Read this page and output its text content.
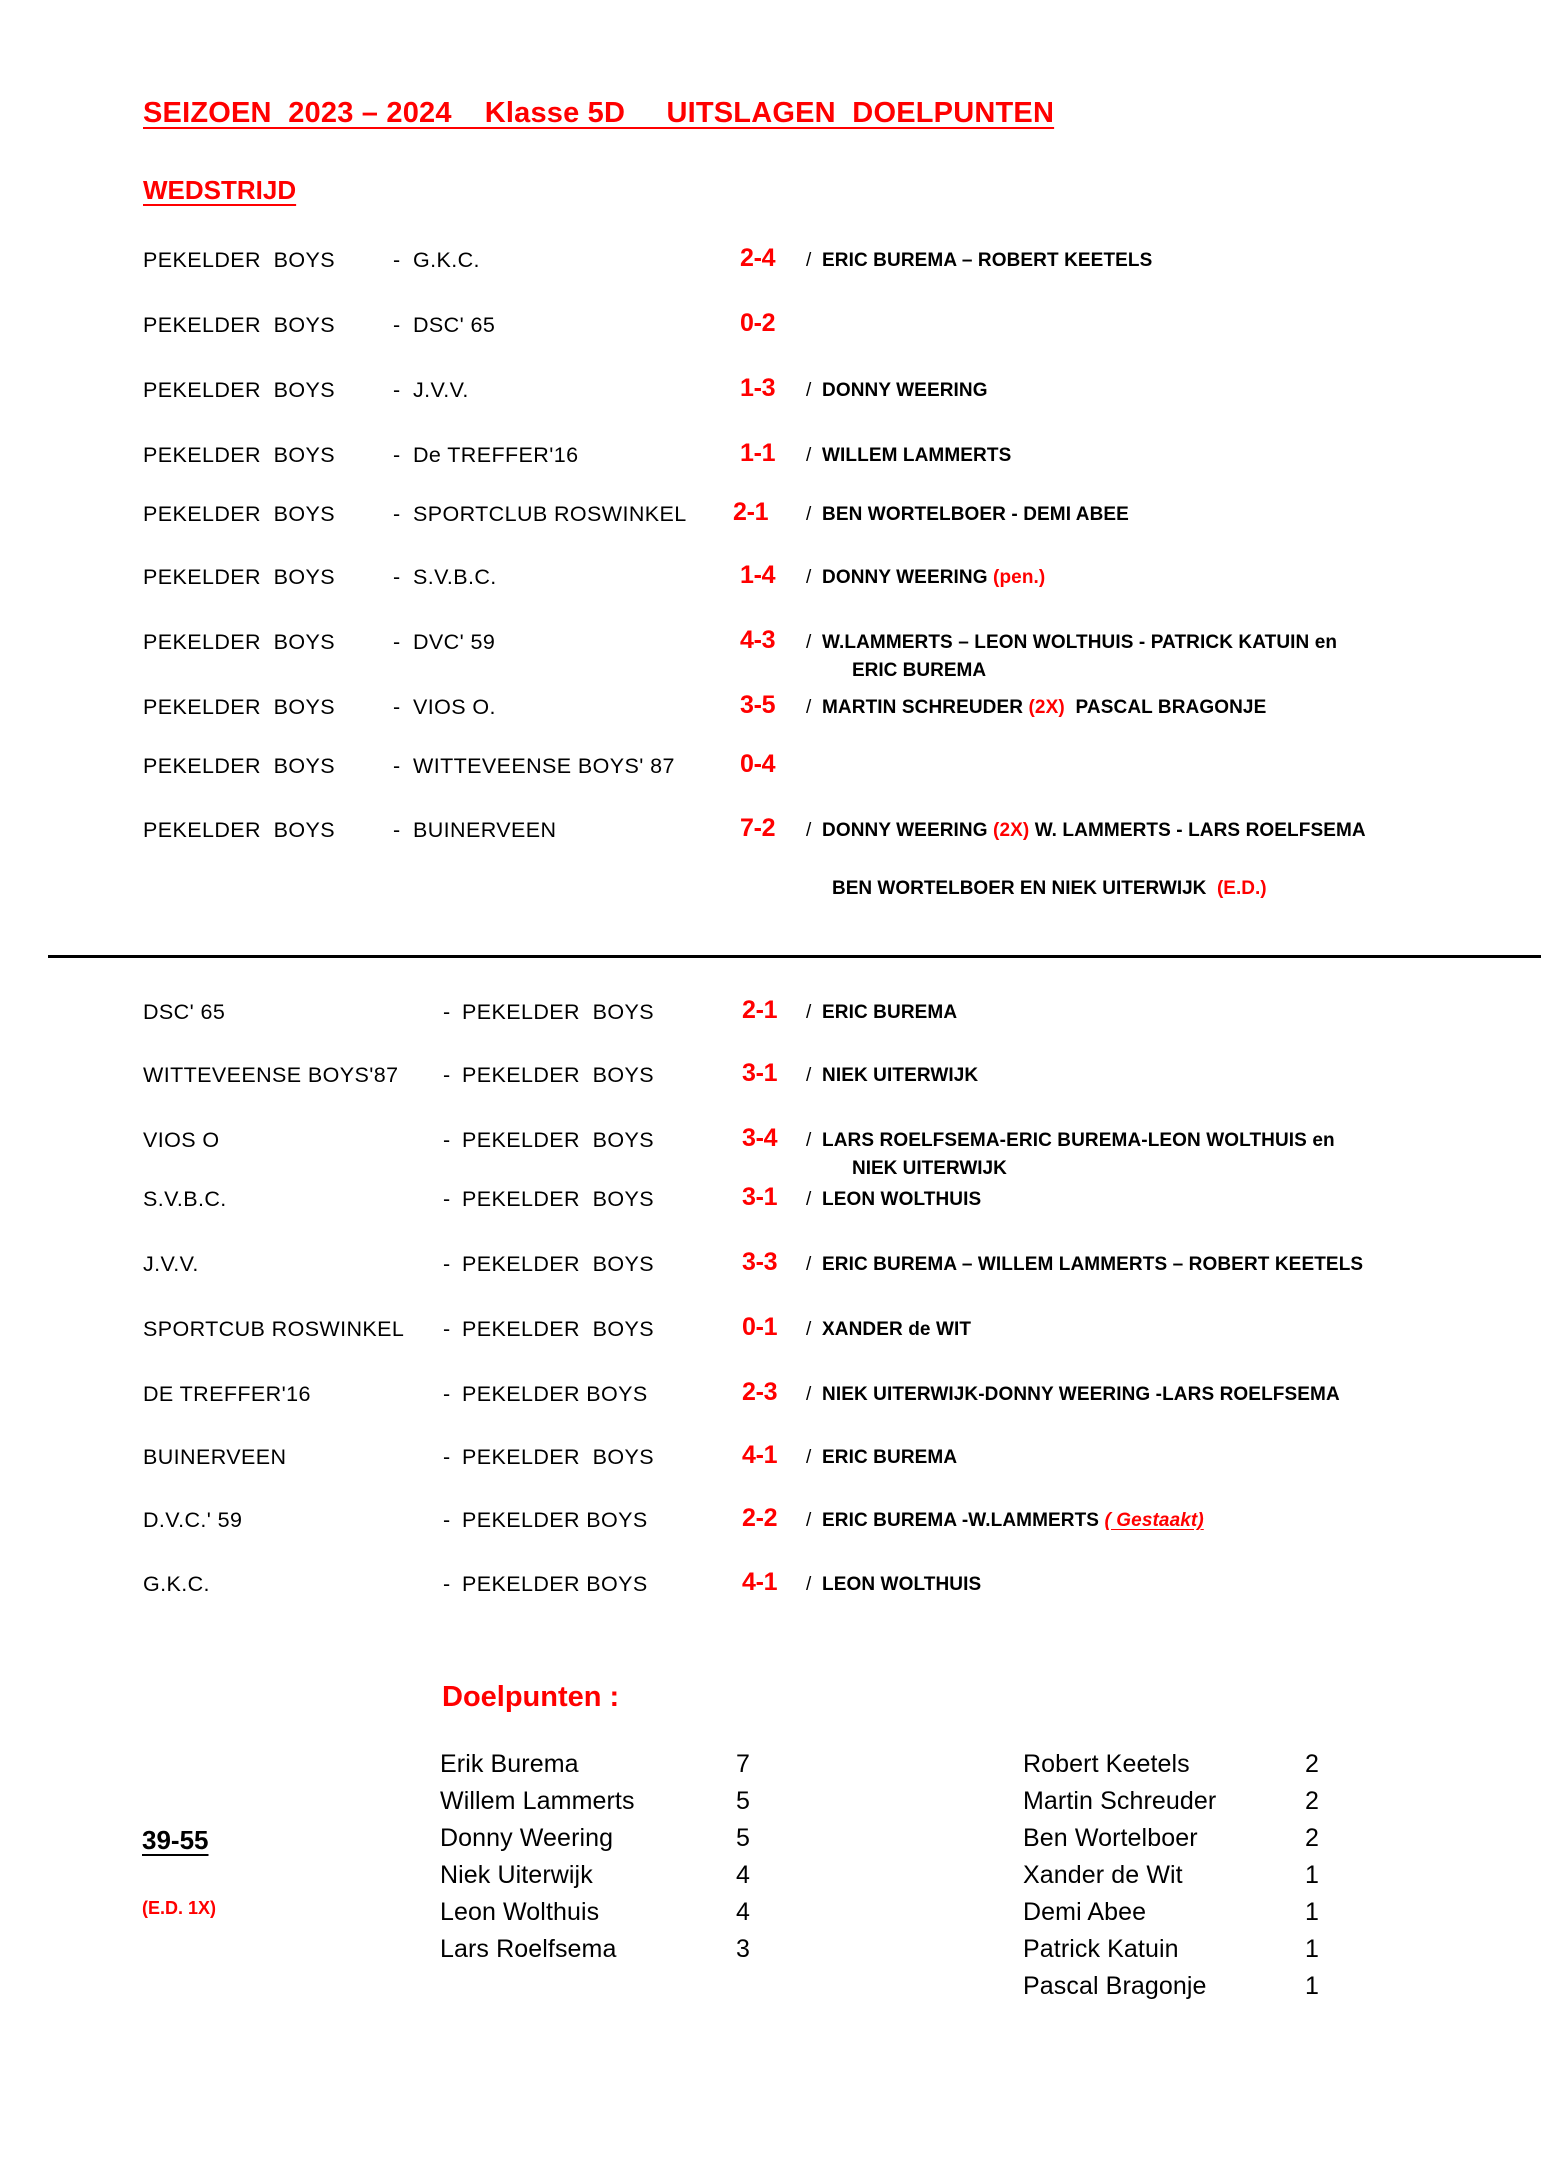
SEIZOEN  2023 – 2024    Klasse 5D     UITSLAGEN  DOELPUNTEN
WEDSTRIJD
PEKELDER  BOYS	- G.K.C.	2-4 / ERIC BUREMA – ROBERT KEETELS
PEKELDER  BOYS	- DSC' 65	0-2
PEKELDER  BOYS	- J.V.V.	1-3 / DONNY WEERING
PEKELDER  BOYS	- De TREFFER'16	1-1 / WILLEM LAMMERTS
PEKELDER  BOYS	- SPORTCLUB ROSWINKEL 2-1 / BEN WORTELBOER - DEMI ABEE
PEKELDER  BOYS	- S.V.B.C.	1-4 / DONNY WEERING (pen.)
PEKELDER  BOYS	- DVC' 59	4-3 / W.LAMMERTS – LEON WOLTHUIS - PATRICK KATUIN en
ERIC BUREMA
PEKELDER  BOYS	- VIOS O.	3-5 / MARTIN SCHREUDER (2X)  PASCAL BRAGONJE
PEKELDER  BOYS	- WITTEVEENSE BOYS' 87	0-4
PEKELDER  BOYS	- BUINERVEEN	7-2 / DONNY WEERING (2X) W. LAMMERTS - LARS ROELFSEMA
BEN WORTELBOER EN NIEK UITERWIJK  (E.D.)
DSC' 65	- PEKELDER  BOYS	2-1 / ERIC BUREMA
WITTEVEENSE BOYS'87 - PEKELDER  BOYS	3-1 / NIEK UITERWIJK
VIOS O	- PEKELDER  BOYS	3-4 / LARS ROELFSEMA-ERIC BUREMA-LEON WOLTHUIS en
NIEK UITERWIJK
S.V.B.C.	- PEKELDER  BOYS	3-1 / LEON WOLTHUIS
J.V.V.	- PEKELDER  BOYS	3-3 / ERIC BUREMA – WILLEM LAMMERTS – ROBERT KEETELS
SPORTCUB ROSWINKEL - PEKELDER  BOYS	0-1 / XANDER de WIT
DE TREFFER'16	- PEKELDER BOYS	2-3 / NIEK UITERWIJK-DONNY WEERING -LARS ROELFSEMA
BUINERVEEN	- PEKELDER  BOYS	4-1 / ERIC BUREMA
D.V.C.' 59	- PEKELDER BOYS	2-2 / ERIC BUREMA -W.LAMMERTS ( Gestaakt)
G.K.C.	- PEKELDER BOYS	4-1 / LEON WOLTHUIS
Doelpunten :
39-55
(E.D. 1X)
Erik Burema	7
Willem Lammerts	5
Donny Weering	5
Niek Uiterwijk	4
Leon Wolthuis	4
Lars Roelfsema	3
Robert Keetels	2
Martin Schreuder	2
Ben Wortelboer	2
Xander de Wit	1
Demi Abee	1
Patrick Katuin	1
Pascal Bragonje	1
